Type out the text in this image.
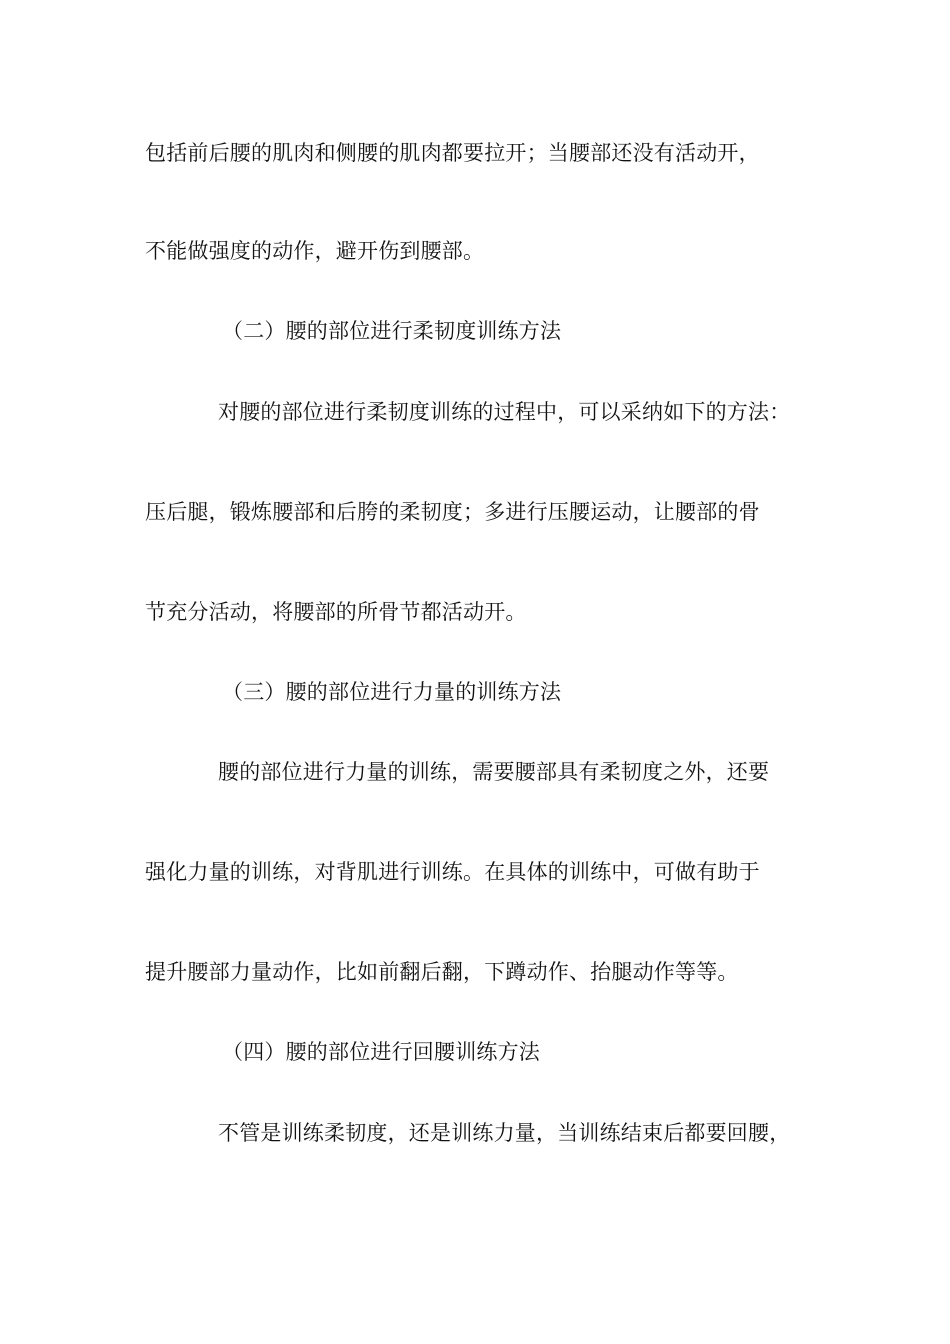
包括前后腰的肌肉和侧腰的肌肉都要拉开；当腰部还没有活动开，
不能做强度的动作，避开伤到腰部。
（二）腰的部位进行柔韧度训练方法
对腰的部位进行柔韧度训练的过程中，可以采纳如下的方法：
压后腿，锻炼腰部和后胯的柔韧度；多进行压腰运动，让腰部的骨
节充分活动，将腰部的所骨节都活动开。
（三）腰的部位进行力量的训练方法
腰的部位进行力量的训练，需要腰部具有柔韧度之外，还要
强化力量的训练，对背肌进行训练。在具体的训练中，可做有助于
提升腰部力量动作，比如前翻后翻，下蹲动作、抬腿动作等等。
（四）腰的部位进行回腰训练方法
不管是训练柔韧度，还是训练力量，当训练结束后都要回腰，
